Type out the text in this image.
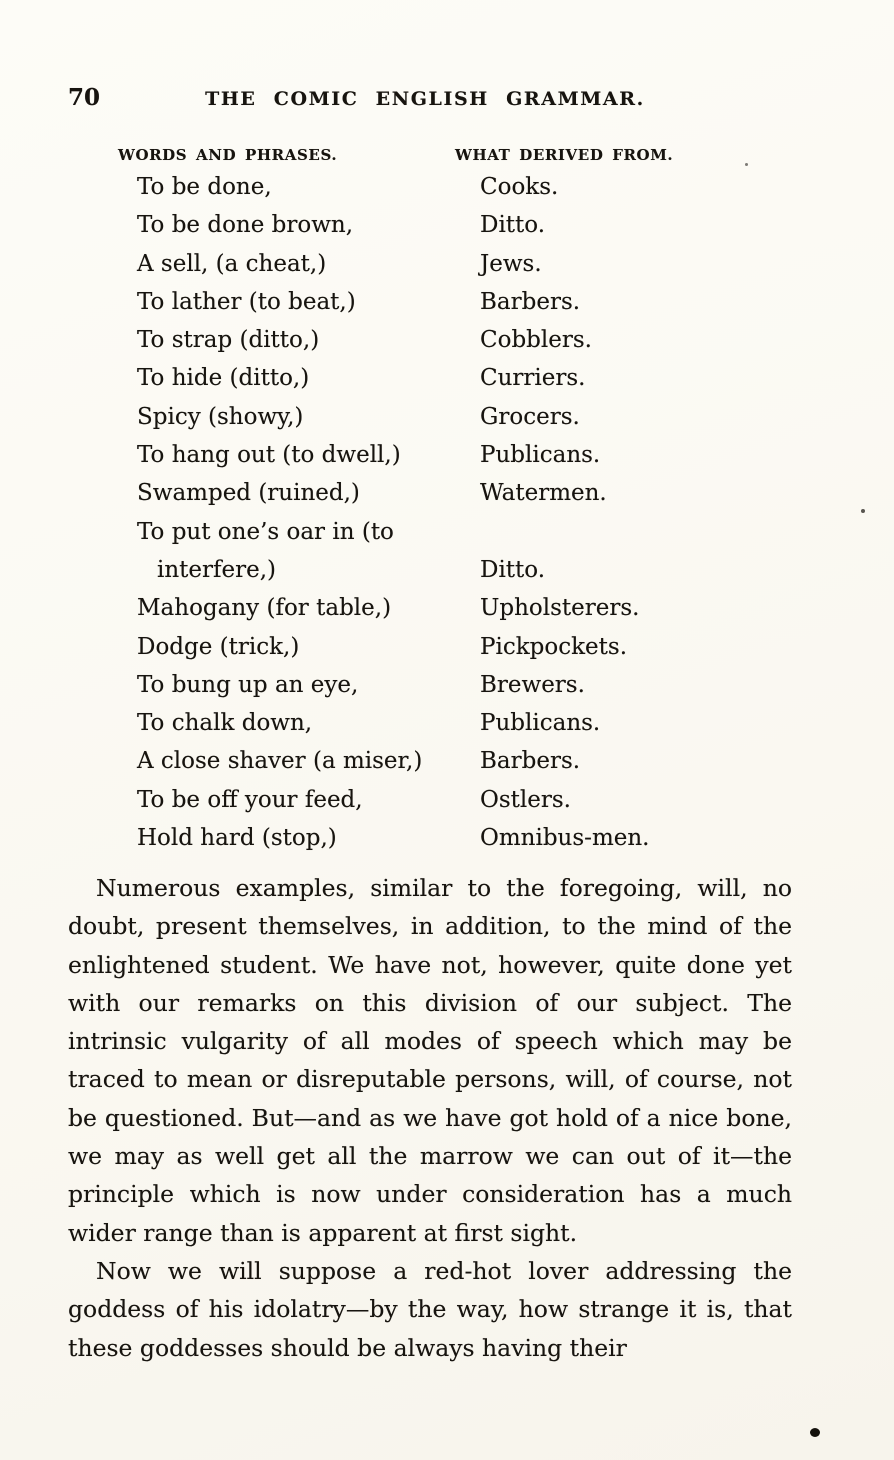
70	THE COMIC ENGLISH GRAMMAR.
WORDS AND PHRASES.	WHAT DERIVED FROM.
To be done,	Cooks.
To be done brown,	Ditto.
A sell, (a cheat,)	Jews.
To lather (to beat,)	Barbers.
To strap (ditto,)	Cobblers.
To hide (ditto,)	Curriers.
Spicy (showy,)	Grocers.
To hang out (to dwell,)	Publicans.
Swamped (ruined,)	Watermen.
To put one’s oar in (to
interfere,)	Ditto.
Mahogany (for table,)	Upholsterers.
Dodge (trick,)	Pickpockets.
To bung up an eye,	Brewers.
To chalk down,	Publicans.
A close shaver (a miser,)	Barbers.
To be off your feed,	Ostlers.
Hold hard (stop,)	Omnibus-men.

Numerous examples, similar to the foregoing, will, no doubt, present themselves, in addition, to the mind of the enlightened student. We have not, however, quite done yet with our remarks on this division of our subject. The intrinsic vulgarity of all modes of speech which may be traced to mean or disreputable persons, will, of course, not be questioned. But—and as we have got hold of a nice bone, we may as well get all the marrow we can out of it—the principle which is now under consideration has a much wider range than is apparent at first sight.

Now we will suppose a red-hot lover addressing the goddess of his idolatry—by the way, how strange it is, that these goddesses should be always having their
